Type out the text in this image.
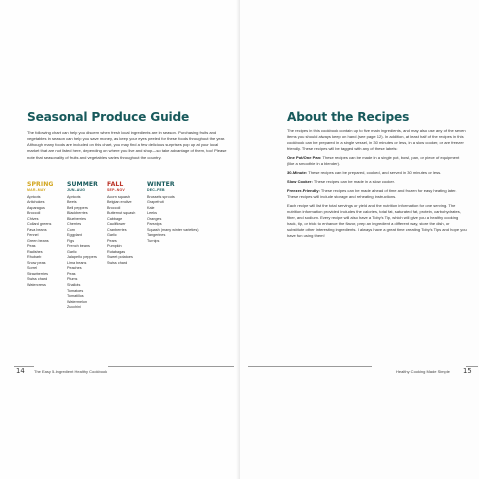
Seasonal Produce Guide

The following chart can help you discern when fresh local ingredients are in season. Purchasing fruits and vegetables in season can help you save money, as keep your eyes peeled for these foods throughout the year. Although many foods are included on this chart, you may find a few delicious surprises pop up at your local market that are not listed here, depending on where you live and shop—so take advantage of them, too! Please note that seasonality of fruits and vegetables varies throughout the country.

SPRING
MAR–MAY
Apricots
Artichokes
Asparagus
Broccoli
Chives
Collard greens
Fava beans
Fennel
Green beans
Peas
Radishes
Rhubarb
Snow peas
Sorrel
Strawberries
Swiss chard
Watercress
SUMMER
JUN–AUG
Apricots
Beets
Bell peppers
Blackberries
Blueberries
Cherries
Corn
Eggplant
Figs
French beans
Garlic
Jalapeño peppers
Lima beans
Peaches
Peas
Plums
Shallots
Tomatoes
Tomatillos
Watermelon
Zucchini
FALL
SEP–NOV
Acorn squash
Belgian endive
Broccoli
Butternut squash
Cabbage
Cauliflower
Cranberries
Garlic
Pears
Pumpkin
Rutabagas
Sweet potatoes
Swiss chard
WINTER
DEC–FEB
Brussels sprouts
Grapefruit
Kale
Leeks
Oranges
Parsnips
Squash (many winter varieties)
Tangerines
Turnips
14 The Easy 5-Ingredient Healthy Cookbook
About the Recipes

The recipes in this cookbook contain up to five main ingredients, and may also use any of the seven items you should always keep on hand (see page 12). In addition, at least half of the recipes in this cookbook can be prepared in a single vessel, in 30 minutes or less, in a slow cooker, or are freezer friendly. These recipes will be tagged with any of these labels:

One Pot/One Pan: These recipes can be made in a single pot, bowl, pan, or piece of equipment (like a smoothie in a blender).

30-Minute: These recipes can be prepared, cooked, and served in 30 minutes or less.

Slow Cooker: These recipes can be made in a slow cooker.

Freezer-Friendly: These recipes can be made ahead of time and frozen for easy heating later. These recipes will include storage and reheating instructions.

Each recipe will list the total servings or yield and the nutrition information for one serving. The nutrition information provided includes the calories, total fat, saturated fat, protein, carbohydrates, fiber, and sodium. Every recipe will also have a Toby's Tip, which will give you a healthy cooking hack, tip, or trick to enhance the flavor, prep an ingredient a different way, store the dish, or substitute other interesting ingredients. I always have a great time creating Toby's Tips and hope you have fun using them!

Healthy Cooking Made Simple 15
